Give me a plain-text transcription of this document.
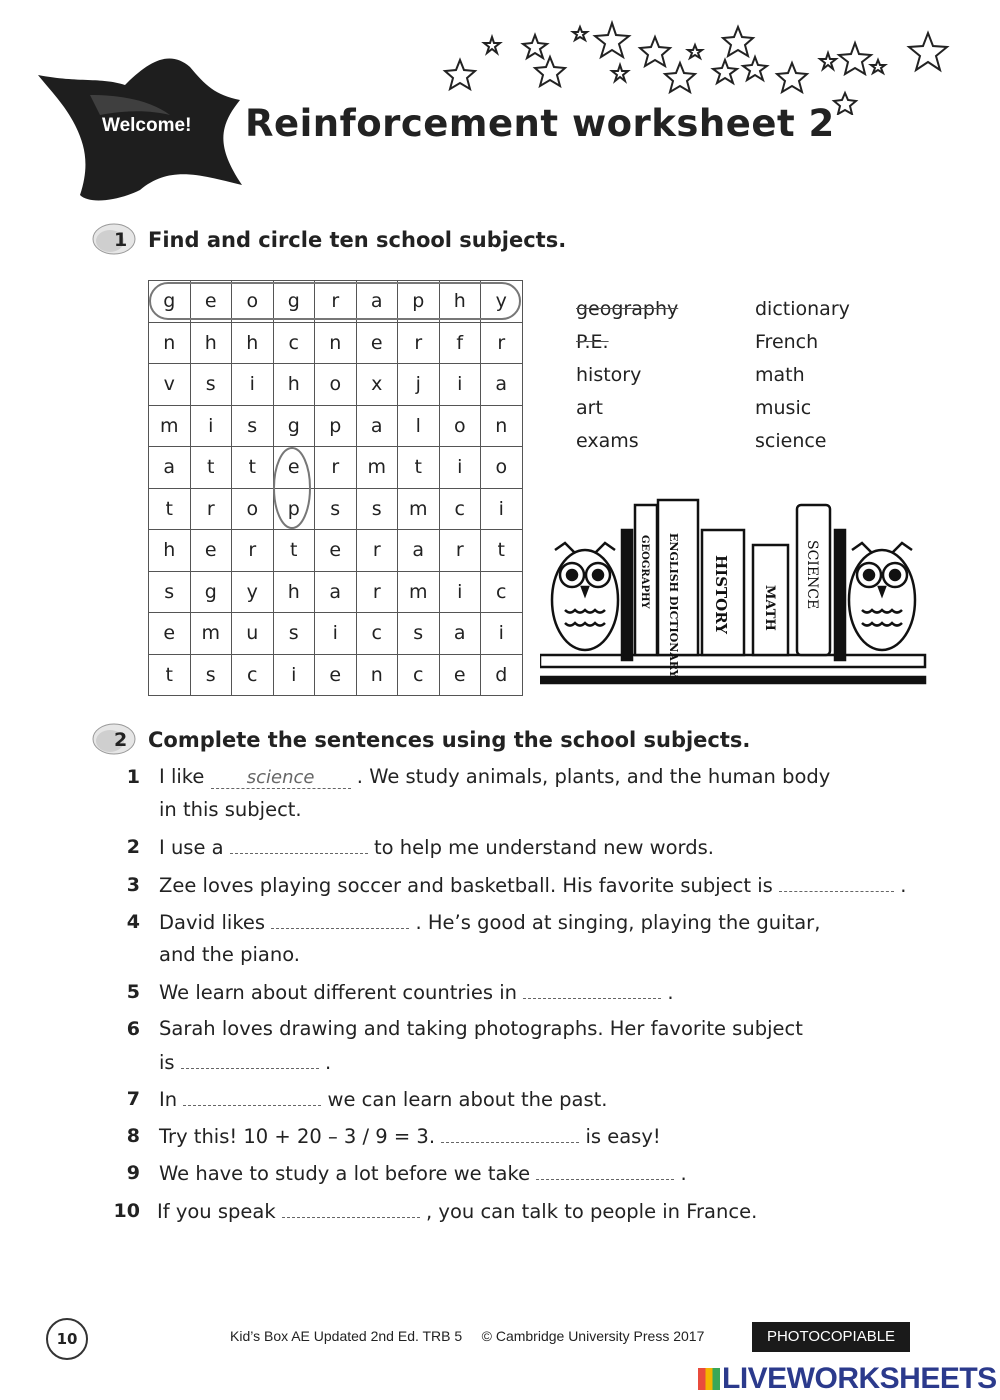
Welcome! Reinforcement worksheet 2
1 Find and circle ten school subjects.
g	e	o	g	r	a	p	h	y
n	h	h	c	n	e	r	f	r
v	s	i	h	o	x	j	i	a
m	i	s	g	p	a	l	o	n
a	t	t	e	r	m	t	i	o
t	r	o	p	s	s	m	c	i
h	e	r	t	e	r	a	r	t
s	g	y	h	a	r	m	i	c
e	m	u	s	i	c	s	a	i
t	s	c	i	e	n	c	e	d
geography
P.E.
history
art
exams
dictionary
French
math
music
science
GEOGRAPHY ENGLISH DICTIONARY HISTORY MATH SCIENCE
2 Complete the sentences using the school subjects.
1 I like science . We study animals, plants, and the human body
in this subject.
2 I use a	to help me understand new words.
3 Zee loves playing soccer and basketball. His favorite subject is	.
4 David likes	. He’s good at singing, playing the guitar,
and the piano.
5 We learn about different countries in	.
6 Sarah loves drawing and taking photographs. Her favorite subject
is	.
7 In	we can learn about the past.
8 Try this! 10 + 20 – 3 / 9 = 3.	is easy!
9 We have to study a lot before we take	.
10 If you speak	, you can talk to people in France.
10	Kid’s Box AE Updated 2nd Ed. TRB 5     © Cambridge University Press 2017	PHOTOCOPIABLE
LIVEWORKSHEETS
